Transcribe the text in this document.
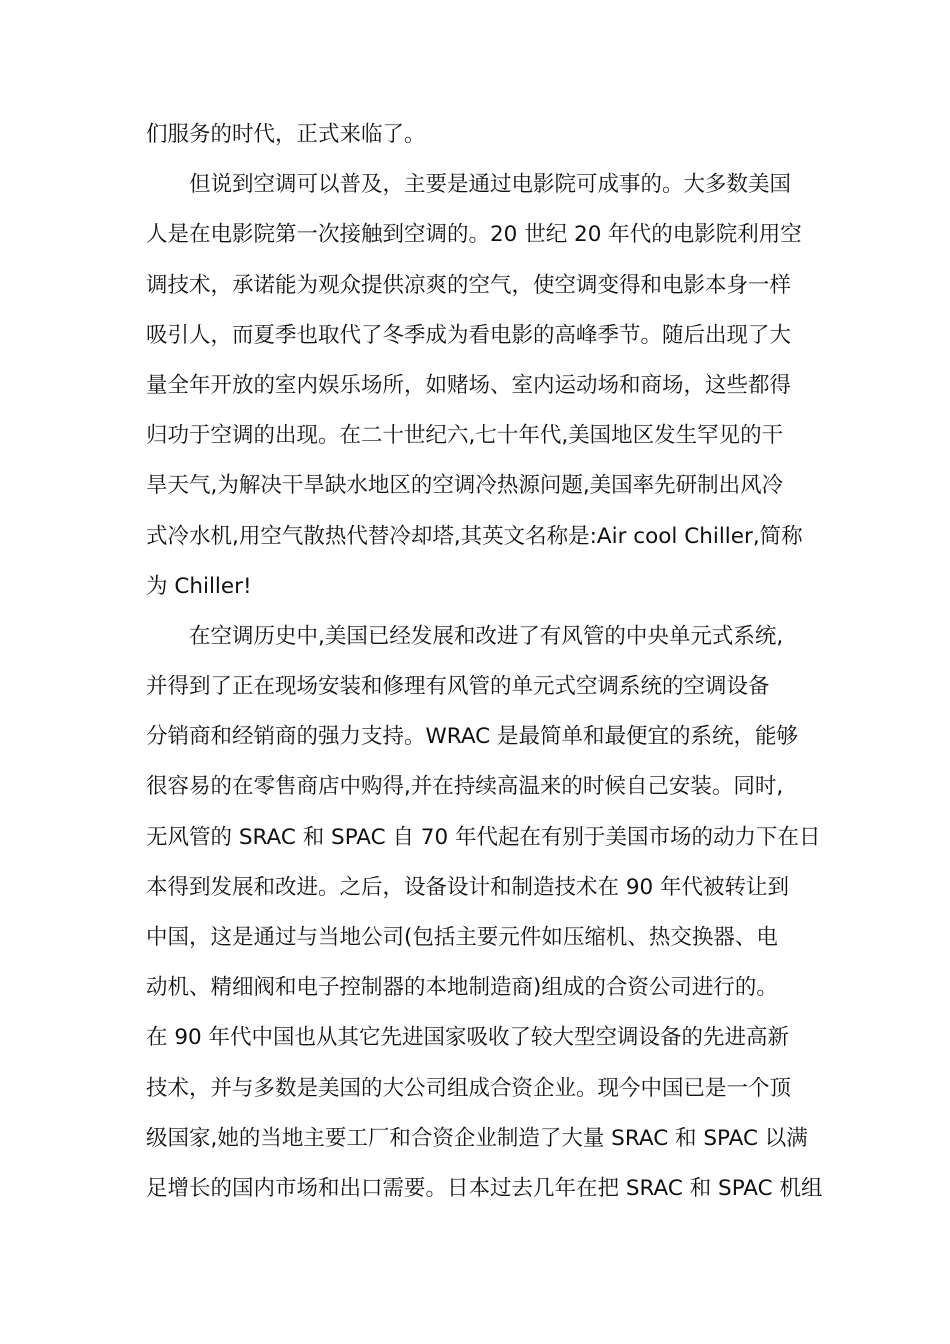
们服务的时代，正式来临了。
但说到空调可以普及，主要是通过电影院可成事的。大多数美国
人是在电影院第一次接触到空调的。20 世纪 20 年代的电影院利用空
调技术，承诺能为观众提供凉爽的空气，使空调变得和电影本身一样
吸引人，而夏季也取代了冬季成为看电影的高峰季节。随后出现了大
量全年开放的室内娱乐场所，如赌场、室内运动场和商场，这些都得
归功于空调的出现。在二十世纪六,七十年代,美国地区发生罕见的干
旱天气,为解决干旱缺水地区的空调冷热源问题,美国率先研制出风冷
式冷水机,用空气散热代替冷却塔,其英文名称是:Air cool Chiller,简称
为 Chiller!
在空调历史中,美国已经发展和改进了有风管的中央单元式系统,
并得到了正在现场安装和修理有风管的单元式空调系统的空调设备
分销商和经销商的强力支持。WRAC 是最简单和最便宜的系统，能够
很容易的在零售商店中购得,并在持续高温来的时候自己安装。同时,
无风管的 SRAC 和 SPAC 自 70 年代起在有别于美国市场的动力下在日
本得到发展和改进。之后，设备设计和制造技术在 90 年代被转让到
中国，这是通过与当地公司(包括主要元件如压缩机、热交换器、电
动机、精细阀和电子控制器的本地制造商)组成的合资公司进行的。
在 90 年代中国也从其它先进国家吸收了较大型空调设备的先进高新
技术，并与多数是美国的大公司组成合资企业。现今中国已是一个顶
级国家,她的当地主要工厂和合资企业制造了大量 SRAC 和 SPAC 以满
足增长的国内市场和出口需要。日本过去几年在把 SRAC 和 SPAC 机组
